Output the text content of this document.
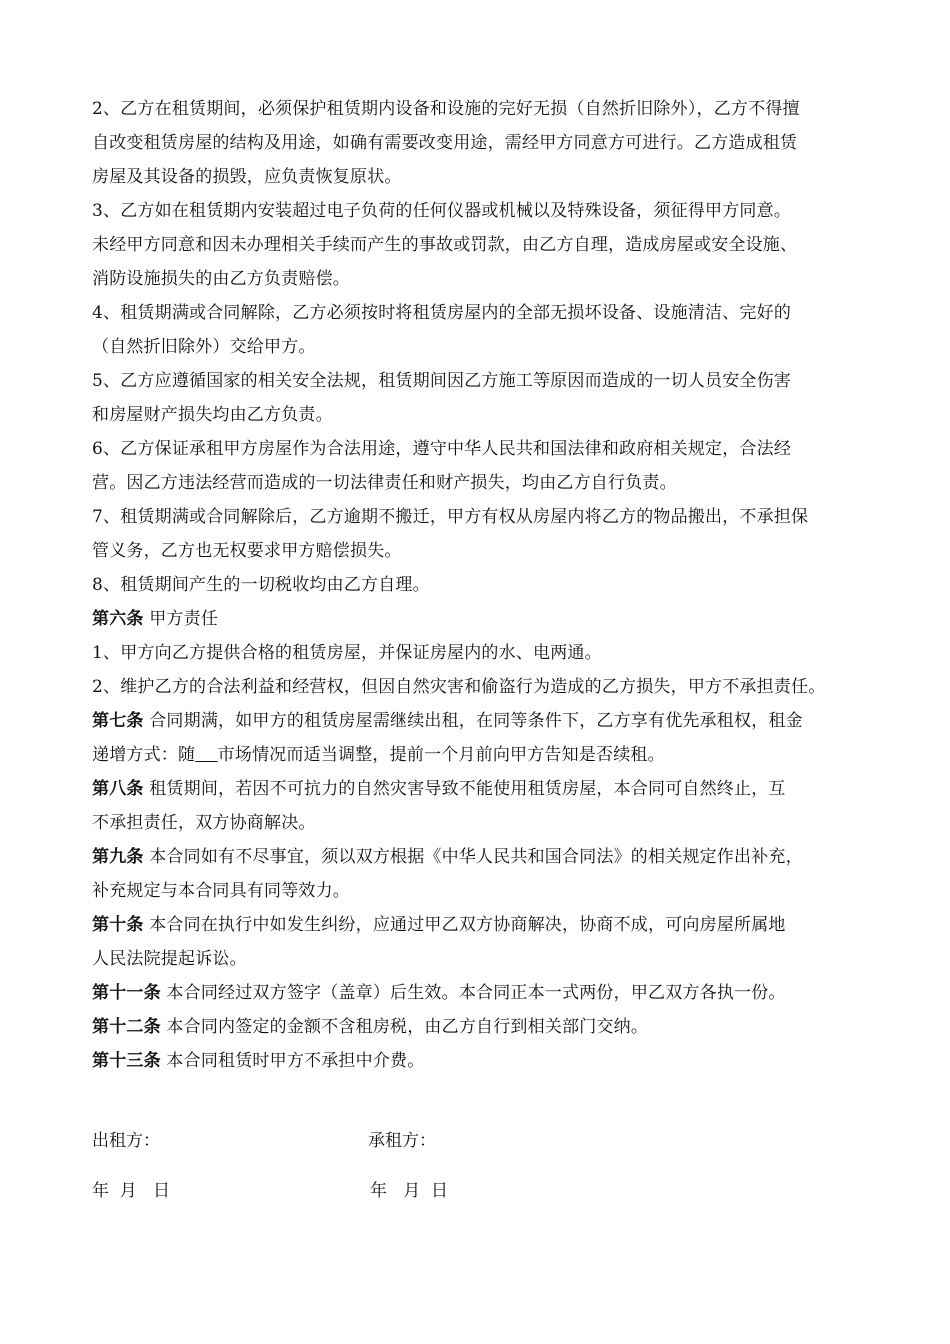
2、乙方在租赁期间，必须保护租赁期内设备和设施的完好无损（自然折旧除外），乙方不得擅
自改变租赁房屋的结构及用途，如确有需要改变用途，需经甲方同意方可进行。乙方造成租赁
房屋及其设备的损毁，应负责恢复原状。
3、乙方如在租赁期内安装超过电子负荷的任何仪器或机械以及特殊设备，须征得甲方同意。
未经甲方同意和因未办理相关手续而产生的事故或罚款，由乙方自理，造成房屋或安全设施、
消防设施损失的由乙方负责赔偿。
4、租赁期满或合同解除，乙方必须按时将租赁房屋内的全部无损坏设备、设施清洁、完好的
（自然折旧除外）交给甲方。
5、乙方应遵循国家的相关安全法规，租赁期间因乙方施工等原因而造成的一切人员安全伤害
和房屋财产损失均由乙方负责。
6、乙方保证承租甲方房屋作为合法用途，遵守中华人民共和国法律和政府相关规定，合法经
营。因乙方违法经营而造成的一切法律责任和财产损失，均由乙方自行负责。
7、租赁期满或合同解除后，乙方逾期不搬迁，甲方有权从房屋内将乙方的物品搬出，不承担保
管义务，乙方也无权要求甲方赔偿损失。
8、租赁期间产生的一切税收均由乙方自理。
第六条 甲方责任
1、甲方向乙方提供合格的租赁房屋，并保证房屋内的水、电两通。
2、维护乙方的合法利益和经营权，但因自然灾害和偷盗行为造成的乙方损失，甲方不承担责任。
第七条 合同期满，如甲方的租赁房屋需继续出租，在同等条件下，乙方享有优先承租权，租金
递增方式：随 市场情况而适当调整，提前一个月前向甲方告知是否续租。
第八条 租赁期间，若因不可抗力的自然灾害导致不能使用租赁房屋，本合同可自然终止，互
不承担责任，双方协商解决。
第九条 本合同如有不尽事宜，须以双方根据《中华人民共和国合同法》的相关规定作出补充，
补充规定与本合同具有同等效力。
第十条 本合同在执行中如发生纠纷，应通过甲乙双方协商解决，协商不成，可向房屋所属地
人民法院提起诉讼。
第十一条 本合同经过双方签字（盖章）后生效。本合同正本一式两份，甲乙双方各执一份。
第十二条 本合同内签定的金额不含租房税，由乙方自行到相关部门交纳。
第十三条 本合同租赁时甲方不承担中介费。
出租方：	承租方：
年  月   日	年   月  日
